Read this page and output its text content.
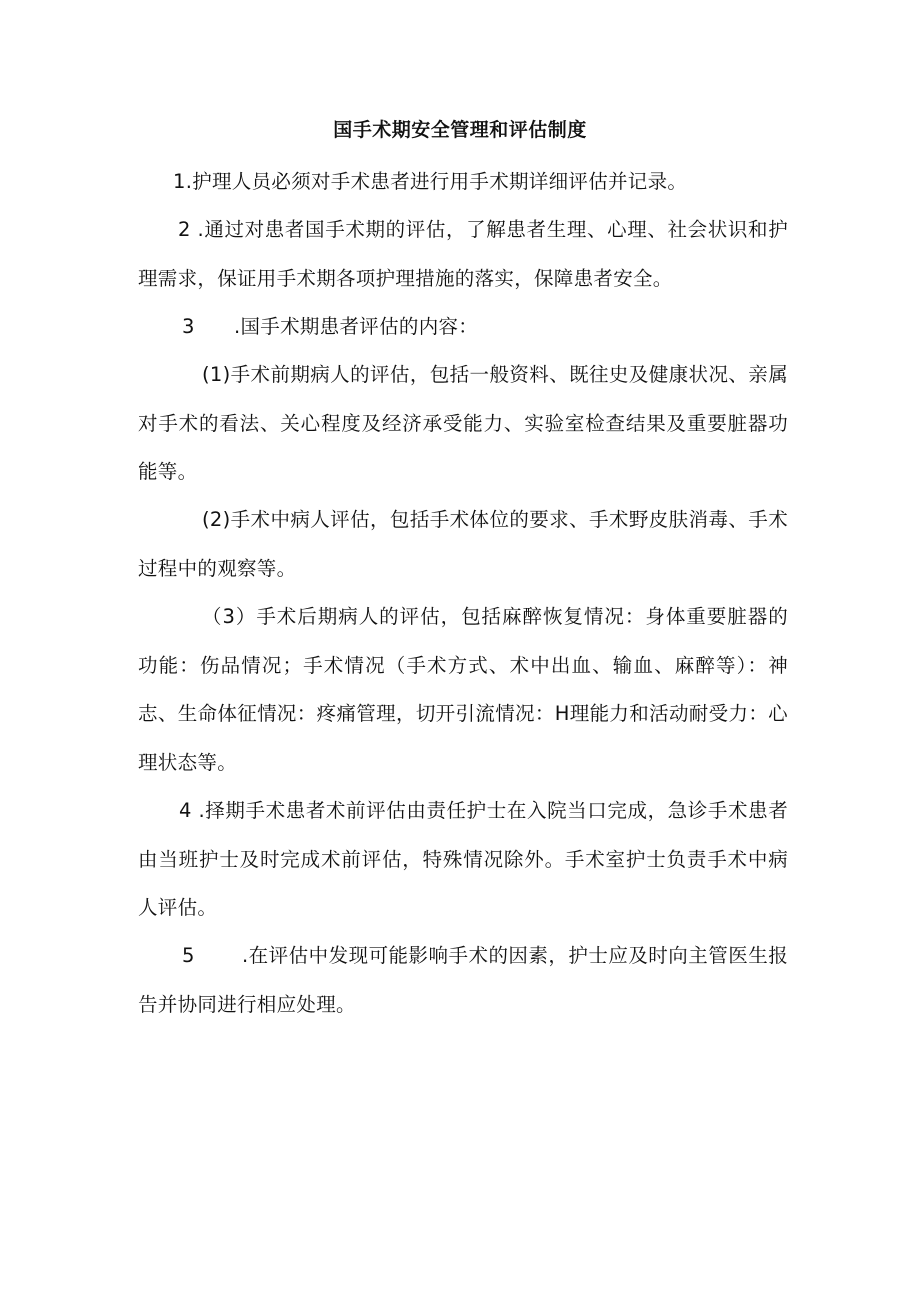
国手术期安全管理和评估制度
1.护理人员必须对手术患者进行用手术期详细评估并记录。
2 .通过对患者国手术期的评估，了解患者生理、心理、社会状识和护理需求，保证用手术期各项护理措施的落实，保障患者安全。
3 .国手术期患者评估的内容：
(1)手术前期病人的评估，包括一般资料、既往史及健康状况、亲属对手术的看法、关心程度及经济承受能力、实验室检查结果及重要脏器功能等。
(2)手术中病人评估，包括手术体位的要求、手术野皮肤消毒、手术过程中的观察等。
（3）手术后期病人的评估，包括麻醉恢复情况：身体重要脏器的功能：伤品情况；手术情况（手术方式、术中出血、输血、麻醉等）：神志、生命体征情况：疼痛管理，切开引流情况：H理能力和活动耐受力：心理状态等。
4 .择期手术患者术前评估由责任护士在入院当口完成，急诊手术患者由当班护士及时完成术前评估，特殊情况除外。手术室护士负责手术中病人评估。
5 .在评估中发现可能影响手术的因素，护士应及时向主管医生报告并协同进行相应处理。
